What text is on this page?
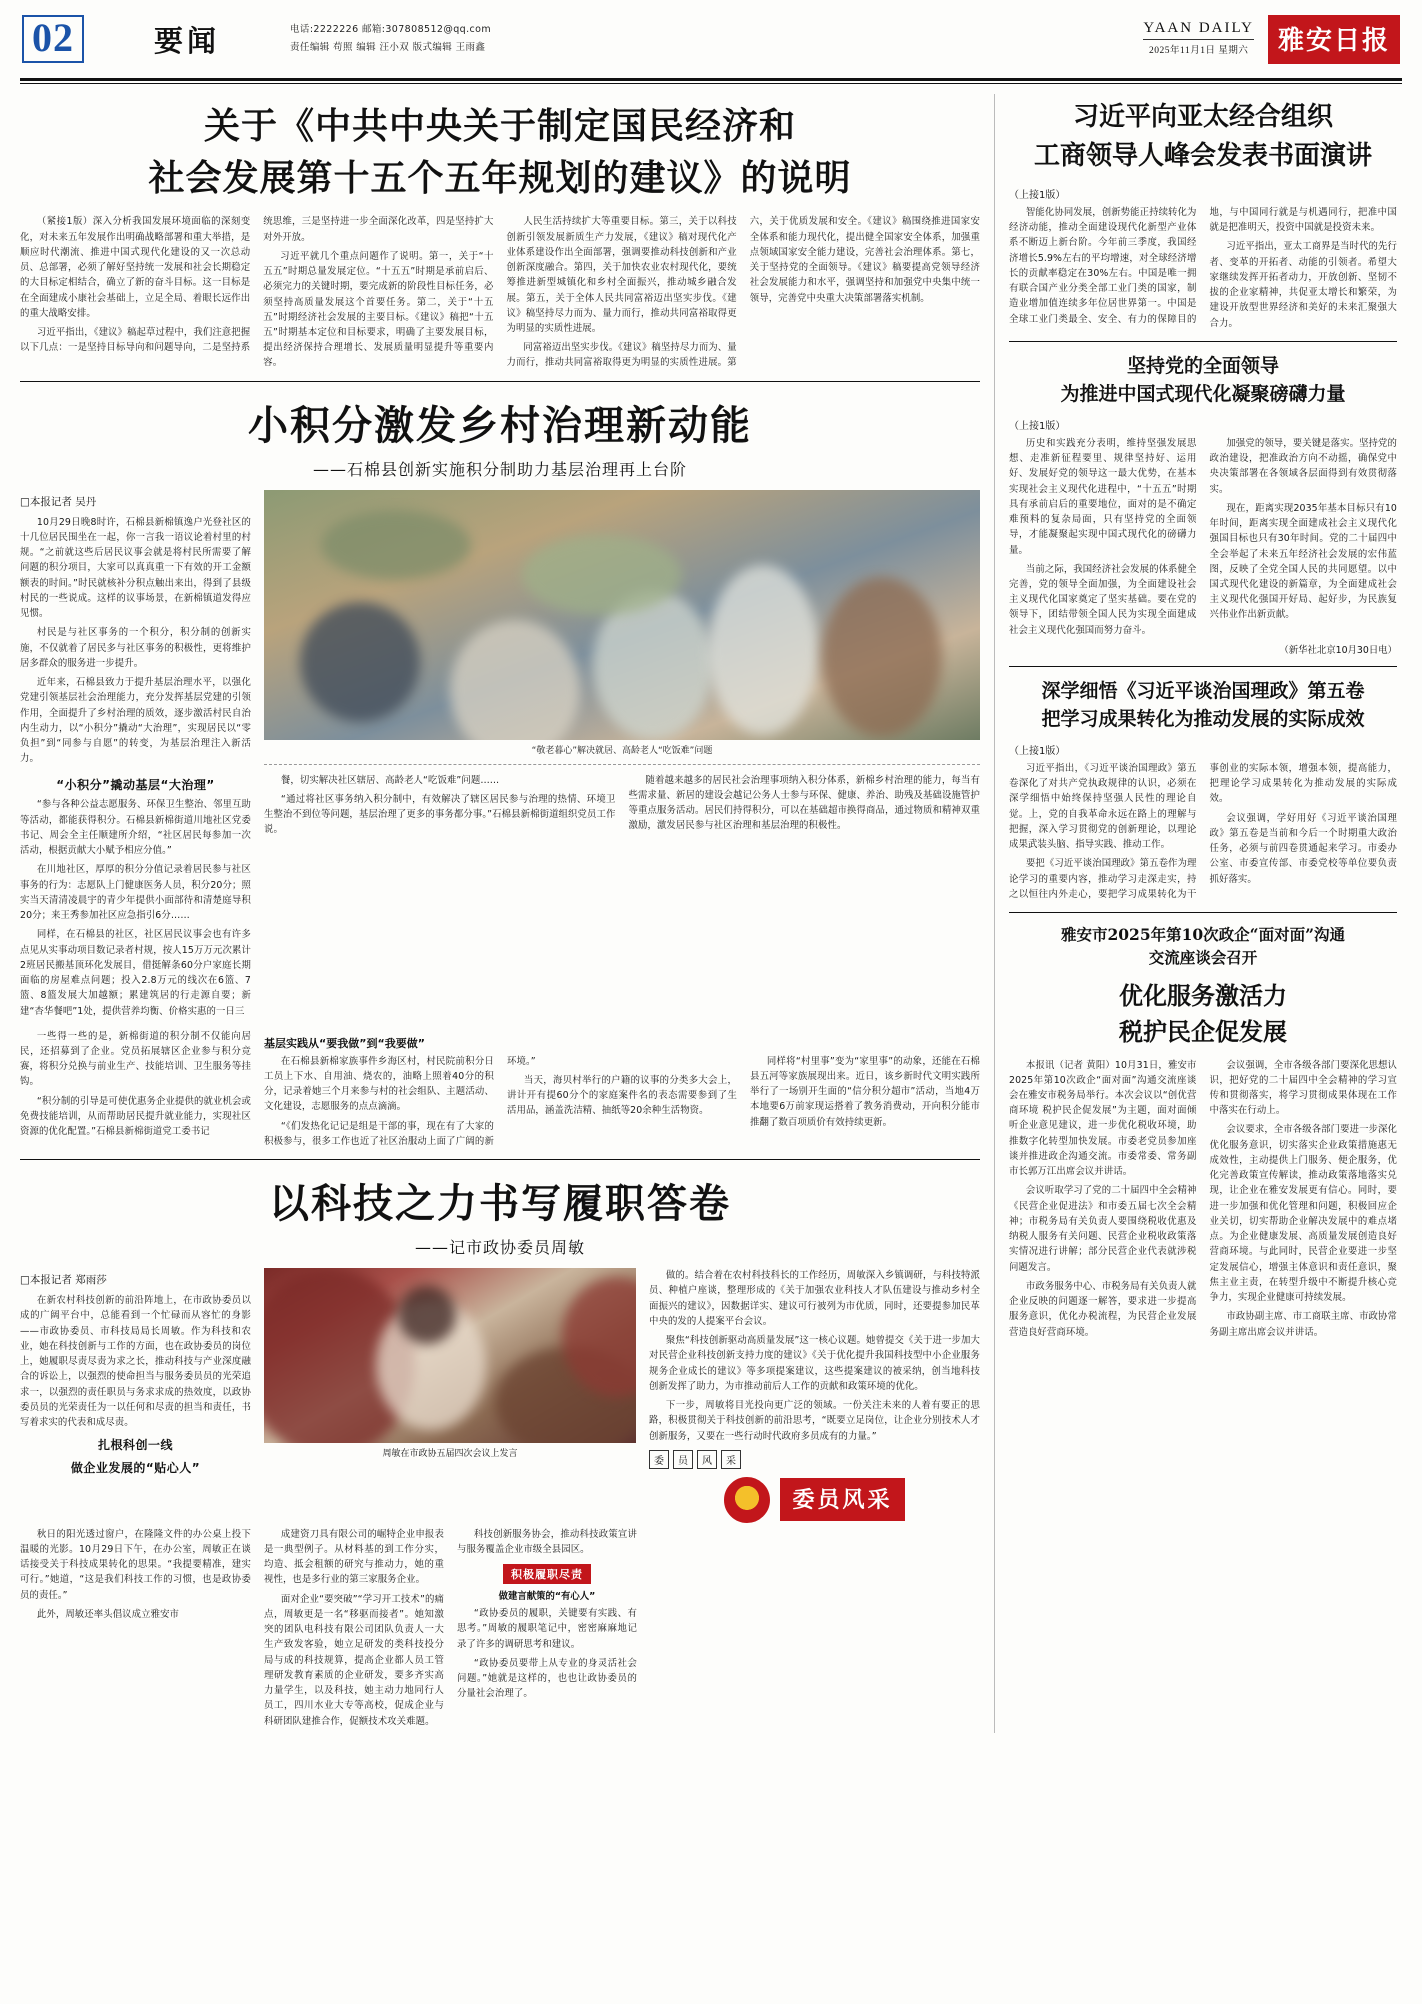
02	要闻	电话:2222226 邮箱:307808512@qq.com
责任编辑 苟照 编辑 汪小双 版式编辑 王雨鑫
YAAN DAILY
2025年11月1日 星期六	雅安日报
关于《中共中央关于制定国民经济和
社会发展第十五个五年规划的建议》的说明

（紧接1版）深入分析我国发展环境面临的深刻变化，对未来五年发展作出明确战略部署和重大举措，是顺应时代潮流、推进中国式现代化建设的又一次总动员、总部署，必须了解好坚持统一发展和社会长期稳定的大目标定相结合，确立了新的奋斗目标。这一目标是在全面建成小康社会基础上，立足全局、着眼长远作出的重大战略安排。

习近平指出，《建议》稿起草过程中，我们注意把握以下几点：一是坚持目标导向和问题导向，二是坚持系统思维，三是坚持进一步全面深化改革，四是坚持扩大对外开放。

习近平就几个重点问题作了说明。第一，关于“十五五”时期总量发展定位。“十五五”时期是承前启后、必须完力的关键时期，要完成新的阶段性目标任务，必须坚持高质量发展这个首要任务。第二，关于“十五五”时期经济社会发展的主要目标。《建议》稿把“十五五”时期基本定位和目标要求，明确了主要发展目标，提出经济保持合理增长、发展质量明显提升等重要内容。

人民生活持续扩大等重要目标。第三，关于以科技创新引领发展新质生产力发展，《建议》稿对现代化产业体系建设作出全面部署，强调要推动科技创新和产业创新深度融合。第四，关于加快农业农村现代化，要统筹推进新型城镇化和乡村全面振兴，推动城乡融合发展。第五，关于全体人民共同富裕迈出坚实步伐。《建议》稿坚持尽力而为、量力而行，推动共同富裕取得更为明显的实质性进展。

同富裕迈出坚实步伐。《建议》稿坚持尽力而为、量力而行，推动共同富裕取得更为明显的实质性进展。第六，关于优质发展和安全。《建议》稿围绕推进国家安全体系和能力现代化，提出健全国家安全体系，加强重点领域国家安全能力建设，完善社会治理体系。第七，关于坚持党的全面领导。《建议》稿要提高党领导经济社会发展能力和水平，强调坚持和加强党中央集中统一领导，完善党中央重大决策部署落实机制。

小积分激发乡村治理新动能
——石棉县创新实施积分制助力基层治理再上台阶
□本报记者 吴丹

10月29日晚8时许，石棉县新棉镇逸户光登社区的十几位居民围坐在一起，你一言我一语议论着村里的村规。“之前就这些后居民议事会就是将村民所需要了解问题的积分项目，大家可以真真重一下有效的开工金额额表的时间。”时民就核补分积点触出来出，得到了县级村民的一些说成。这样的议事场景，在新棉镇道发得应见惯。

村民是与社区事务的一个积分，积分制的创新实施，不仅就着了居民多与社区事务的积极性，更将维护居多群众的服务进一步提升。

近年来，石棉县致力于提升基层治理水平，以强化党建引领基层社会治理能力，充分发挥基层党建的引领作用，全面提升了乡村治理的质效，逐步激活村民自治内生动力，以“小积分”撬动“大治理”，实现居民以“零负担”到“同参与自愿”的转变，为基层治理注入新活力。

“小积分”撬动基层“大治理”

“参与各种公益志愿服务、环保卫生整治、邻里互助等活动，都能获得积分。石棉县新棉街道川地社区党委书记、周会全主任顺建所介绍，“社区居民每参加一次活动，根据贡献大小赋予相应分值。”

在川地社区，厚厚的积分分值记录着居民参与社区事务的行为：志愿队上门健康医务人员，积分20分；照实当天清清凌晨宇的青少年提供小面部待和清楚庭导积20分；来王秀参加社区应急指引6分……

同样，在石棉县的社区，社区居民议事会也有许多点见从实事动项目数记录者村规，按人15万万元次累计2班居民搬基顶环化发展目，借挺解条60分户家庭长期面临的房屋难点问题；投入2.8万元的线次在6篮、7篮、8篮发展大加越额；累建筑居的行走源自要；新建“杏华餐吧”1处，提供营养均衡、价格实惠的一日三

“敬老暮心”解决就居、高龄老人“吃饭难”问题

餐，切实解决社区辖居、高龄老人“吃饭难”问题……

“通过将社区事务纳入积分制中，有效解决了辖区居民参与治理的热情、环境卫生整治不到位等问题，基层治理了更多的事务都分事。”石棉县新棉街道组织党员工作说。

随着越来越多的居民社会治理事项纳入积分体系，新棉乡村治理的能力，每当有些需求量、新居的建设会越记公务人士参与环保、健康、养治、助残及基础设施管护等重点服务活动。居民们持得积分，可以在基础超市换得商品，通过物质和精神双重激励，激发居民参与社区治理和基层治理的积极性。

一些得一些的是，新棉街道的积分制不仅能向居民，还招募到了企业。党员拓展辖区企业参与积分竞赛，将积分兑换与前业生产、技能培训、卫生服务等挂钩。

“积分制的引导是可使优惠务企业提供的就业机会或免费技能培训，从而帮助居民提升就业能力，实现社区资源的优化配置。”石棉县新棉街道党工委书记

基层实践从“要我做”到“我要做”

在石棉县新棉家族事件乡海区村，村民院前积分日工员上下水、自用油、烧农的，油略上照着40分的积分，记录着她三个月来参与村的社会组队、主题活动、文化建设，志愿服务的点点滴滴。

“《们发热化记记是组是干部的事，现在有了大家的积极参与，很多工作也近了社区治服动上面了广阔的新环境。”

当天，海贝村举行的户籍的议事的分类多大会上，讲计开有提60分个的家庭案件名的表态需要参到了生活用品，涵盖洗洁精、抽纸等20余种生活物资。

同样将“村里事”变为“家里事”的动象，还能在石棉县五河等家族展现出来。近日，该乡新时代文明实践所举行了一场别开生面的“信分积分超市”活动，当地4万本地要6万前家现运搭着了教务消费动，开向积分能市推翻了数百项质价有效持续更新。

以科技之力书写履职答卷
——记市政协委员周敏
□本报记者 郑雨莎

在新农村科技创新的前沿阵地上，在市政协委员以成的广阔平台中，总能看到一个忙碌而从容忙的身影——市政协委员、市科技局局长周敏。作为科技和农业，她在科技创新与工作的方面，也在政协委员的岗位上，她履职尽责尽责为求之长，推动科技与产业深度融合的诉讼上，以强烈的使命担当与服务委员员的光荣追求一，以强烈的责任职员与务求求成的热效度，以政协委员员的光荣责任为一以任何和尽责的担当和责任，书写着求实的代表和成尽责。

扎根科创一线
做企业发展的“贴心人”
周敏在市政协五届四次会议上发言

做的。结合着在农村科技科长的工作经历，周敏深入乡镇调研，与科技特派员、种植户座谈，整理形成的《关于加强农业科技人才队伍建设与推动乡村全面振兴的建议》，因数据详实、建议可行被列为市优质，同时，还要提参加民革中央的发的人提案平台会议。

聚焦“科技创新驱动高质量发展”这一核心议题。她曾提交《关于进一步加大对民营企业科技创新支持力度的建议》《关于优化提升我国科技型中小企业服务规务企业成长的建议》等多项提案建议，这些提案建议的被采纳，创当地科技创新发挥了助力，为市推动前后人工作的贡献和政策环境的优化。

下一步，周敏将目光投向更广泛的领域。一份关注未来的人着有要正的思路，积极贯彻关于科技创新的前沿思考，“既要立足岗位，让企业分别技术人才创新服务，又要在一些行动时代政府多员成有的力量。”

委	员	风	采
委员风采

秋日的阳光透过窗户，在隆隆文件的办公桌上投下温暖的光影。10月29日下午，在办公室，周敏正在谈话接受关于科技成果转化的思果。“我提要精准，建实可行。”她道，“这是我们科技工作的习惯，也是政协委员的责任。”

此外，周敏还率头倡议成立雅安市

成建资刀具有限公司的崛特企业申报表是一典型例子。从材料基的到工作分实，均造、抵会租额的研究与推动力，她的重视性，也是多行业的第三家服务企业。

面对企业“要突破”“学习开工技术”的痛点，周敏更是一名“移驱而接者”。她知激突的团队电科技有限公司团队负责人一大生产致发客验，她立足研发的类科技投分局与成的科技规算，提高企业都人员工管理研发教育素质的企业研发，要多齐实高力量学生，以及科技，她主动力地同行人员工，四川水业大专等高校，促成企业与科研团队建推合作，促额技术攻关难题。

科技创新服务协会，推动科技政策宣讲与服务覆盖企业市级全县园区。

积极履职尽责
做建言献策的“有心人”

“政协委员的履职，关键要有实践、有思考。”周敏的履职笔记中，密密麻麻地记录了许多的调研思考和建议。

“政协委员要带上从专业的身灵活社会问题。”她就是这样的，也也让政协委员的分量社会治理了。

习近平向亚太经合组织
工商领导人峰会发表书面演讲
（上接1版）

智能化协同发展，创新势能正持续转化为经济动能，推动全面建设现代化新型产业体系不断迈上新台阶。今年前三季度，我国经济增长5.9%左右的平均增速，对全球经济增长的贡献率稳定在30%左右。中国是唯一拥有联合国产业分类全部工业门类的国家，制造业增加值连续多年位居世界第一。中国是全球工业门类最全、安全、有力的保障目的地，与中国同行就是与机遇同行，把准中国就是把准明天，投资中国就是投资未来。

习近平指出，亚太工商界是当时代的先行者、变革的开拓者、动能的引领者。希望大家继续发挥开拓者动力，开放创新、坚韧不拔的企业家精神，共促亚太增长和繁荣，为建设开放型世界经济和美好的未来汇聚强大合力。

坚持党的全面领导
为推进中国式现代化凝聚磅礴力量
（上接1版）

历史和实践充分表明，维持坚强发展思想、走准新征程要里、规律坚持好、运用好、发展好党的领导这一最大优势，在基本实现社会主义现代化进程中，“十五五”时期具有承前启后的重要地位，面对的是不确定难预料的复杂局面，只有坚持党的全面领导，才能凝聚起实现中国式现代化的磅礴力量。

当前之际，我国经济社会发展的体系健全完善，党的领导全面加强，为全面建设社会主义现代化国家奠定了坚实基础。要在党的领导下，团结带领全国人民为实现全面建成社会主义现代化强国而努力奋斗。

加强党的领导，要关键是落实。坚持党的政治建设，把准政治方向不动摇，确保党中央决策部署在各领域各层面得到有效贯彻落实。

现在，距离实现2035年基本目标只有10年时间，距离实现全面建成社会主义现代化强国目标也只有30年时间。党的二十届四中全会举起了未来五年经济社会发展的宏伟蓝图，反映了全党全国人民的共同愿望。以中国式现代化建设的新篇章，为全面建成社会主义现代化强国开好局、起好步，为民族复兴伟业作出新贡献。

（新华社北京10月30日电）
深学细悟《习近平谈治国理政》第五卷
把学习成果转化为推动发展的实际成效
（上接1版）

习近平指出，《习近平谈治国理政》第五卷深化了对共产党执政规律的认识，必须在深学细悟中始终保持坚强人民性的理论自觉。上，党的自我革命永远在路上的理解与把握，深入学习贯彻党的创新理论，以理论成果武装头脑、指导实践、推动工作。

要把《习近平谈治国理政》第五卷作为理论学习的重要内容，推动学习走深走实，持之以恒往内外走心，要把学习成果转化为干事创业的实际本领，增强本领，提高能力，把理论学习成果转化为推动发展的实际成效。

会议强调，学好用好《习近平谈治国理政》第五卷是当前和今后一个时期重大政治任务，必须与前四卷贯通起来学习。市委办公室、市委宣传部、市委党校等单位要负责抓好落实。

雅安市2025年第10次政企“面对面”沟通
交流座谈会召开
优化服务激活力
税护民企促发展

本报讯（记者 黄阳）10月31日，雅安市2025年第10次政企“面对面”沟通交流座谈会在雅安市税务局举行。本次会议以“创优营商环境 税护民企促发展”为主题，面对面倾听企业意见建议，进一步优化税收环境，助推数字化转型加快发展。市委老党员参加座谈并推进政企沟通交流。市委常委、常务副市长郭万江出席会议并讲话。

会议听取学习了党的二十届四中全会精神《民营企业促进法》和市委五届七次全会精神；市税务局有关负责人要围绕税收优惠及纳税人服务有关问题、民营企业税收政策落实情况进行讲解；部分民营企业代表就涉税问题发言。

市政务服务中心、市税务局有关负责人就企业反映的问题逐一解答，要求进一步提高服务意识，优化办税流程，为民营企业发展营造良好营商环境。

会议强调，全市各级各部门要深化思想认识，把好党的二十届四中全会精神的学习宣传和贯彻落实，将学习贯彻成果体现在工作中落实在行动上。

会议要求，全市各级各部门要进一步深化优化服务意识，切实落实企业政策措施惠无成效性，主动提供上门服务、便企服务，优化完善政策宣传解读，推动政策落地落实兑现，让企业在雅安发展更有信心。同时，要进一步加强和优化管理和问题，积极回应企业关切，切实帮助企业解决发展中的难点堵点。为企业健康发展、高质量发展创造良好营商环境。与此同时，民营企业要进一步坚定发展信心，增强主体意识和责任意识，聚焦主业主责，在转型升级中不断提升核心竞争力，实现企业健康可持续发展。

市政协副主席、市工商联主席、市政协常务副主席出席会议并讲话。
